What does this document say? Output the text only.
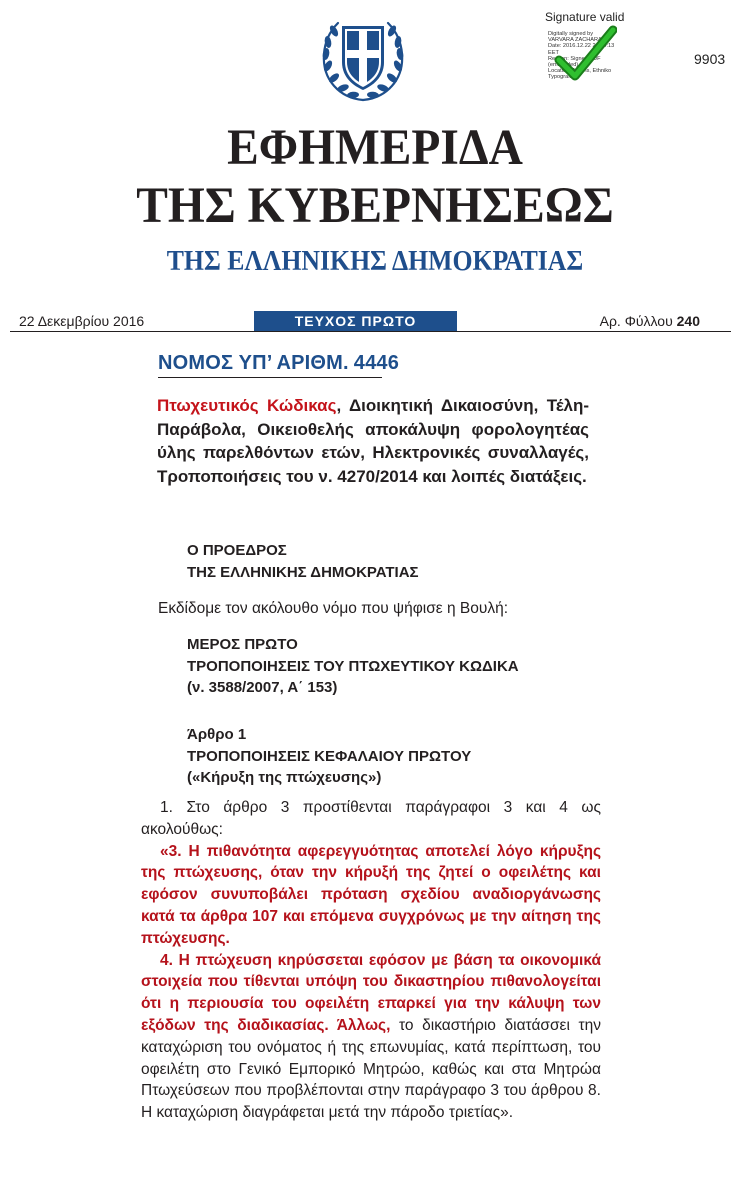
Signature valid
Digitally signed by
VARVARA ZACHARAKI
Date: 2016.12.22 21:04:13
EET
Reason: Signed PDF
(embedded)
Location: Athens, Ethniko
Typografio
9903
ΕΦΗΜΕΡΙΔΑ
ΤΗΣ ΚΥΒΕΡΝΗΣΕΩΣ
ΤΗΣ ΕΛΛΗΝΙΚΗΣ ΔΗΜΟΚΡΑΤΙΑΣ
22 Δεκεμβρίου 2016	ΤΕΥΧΟΣ ΠΡΩΤΟ	Αρ. Φύλλου 240
ΝΟΜΟΣ ΥΠ’ ΑΡΙΘΜ. 4446
Πτωχευτικός Κώδικας, Διοικητική Δικαιοσύνη, Τέλη-Παράβολα, Οικειοθελής αποκάλυψη φορολογητέας ύλης παρελθόντων ετών, Ηλεκτρονικές συναλλαγές, Τροποποιήσεις του ν. 4270/2014 και λοιπές διατάξεις.
Ο ΠΡΟΕΔΡΟΣ
ΤΗΣ ΕΛΛΗΝΙΚΗΣ ΔΗΜΟΚΡΑΤΙΑΣ
Εκδίδομε τον ακόλουθο νόμο που ψήφισε η Βουλή:
ΜΕΡΟΣ ΠΡΩΤΟ
ΤΡΟΠΟΠΟΙΗΣΕΙΣ ΤΟΥ ΠΤΩΧΕΥΤΙΚΟΥ ΚΩΔΙΚΑ
(ν. 3588/2007, Α΄ 153)
Άρθρο 1
ΤΡΟΠΟΠΟΙΗΣΕΙΣ ΚΕΦΑΛΑΙΟΥ ΠΡΩΤΟΥ
(«Κήρυξη της πτώχευσης»)

1. Στο άρθρο 3 προστίθενται παράγραφοι 3 και 4 ως ακολούθως:

«3. Η πιθανότητα αφερεγγυότητας αποτελεί λόγο κήρυξης της πτώχευσης, όταν την κήρυξή της ζητεί ο οφειλέτης και εφόσον συνυποβάλει πρόταση σχεδίου αναδιοργάνωσης κατά τα άρθρα 107 και επόμενα συγχρόνως με την αίτηση της πτώχευσης.

4. Η πτώχευση κηρύσσεται εφόσον με βάση τα οικονομικά στοιχεία που τίθενται υπόψη του δικαστηρίου πιθανολογείται ότι η περιουσία του οφειλέτη επαρκεί για την κάλυψη των εξόδων της διαδικασίας. Άλλως, το δικαστήριο διατάσσει την καταχώριση του ονόματος ή της επωνυμίας, κατά περίπτωση, του οφειλέτη στο Γενικό Εμπορικό Μητρώο, καθώς και στα Μητρώα Πτωχεύσεων που προβλέπονται στην παράγραφο 3 του άρθρου 8. Η καταχώριση διαγράφεται μετά την πάροδο τριετίας».
